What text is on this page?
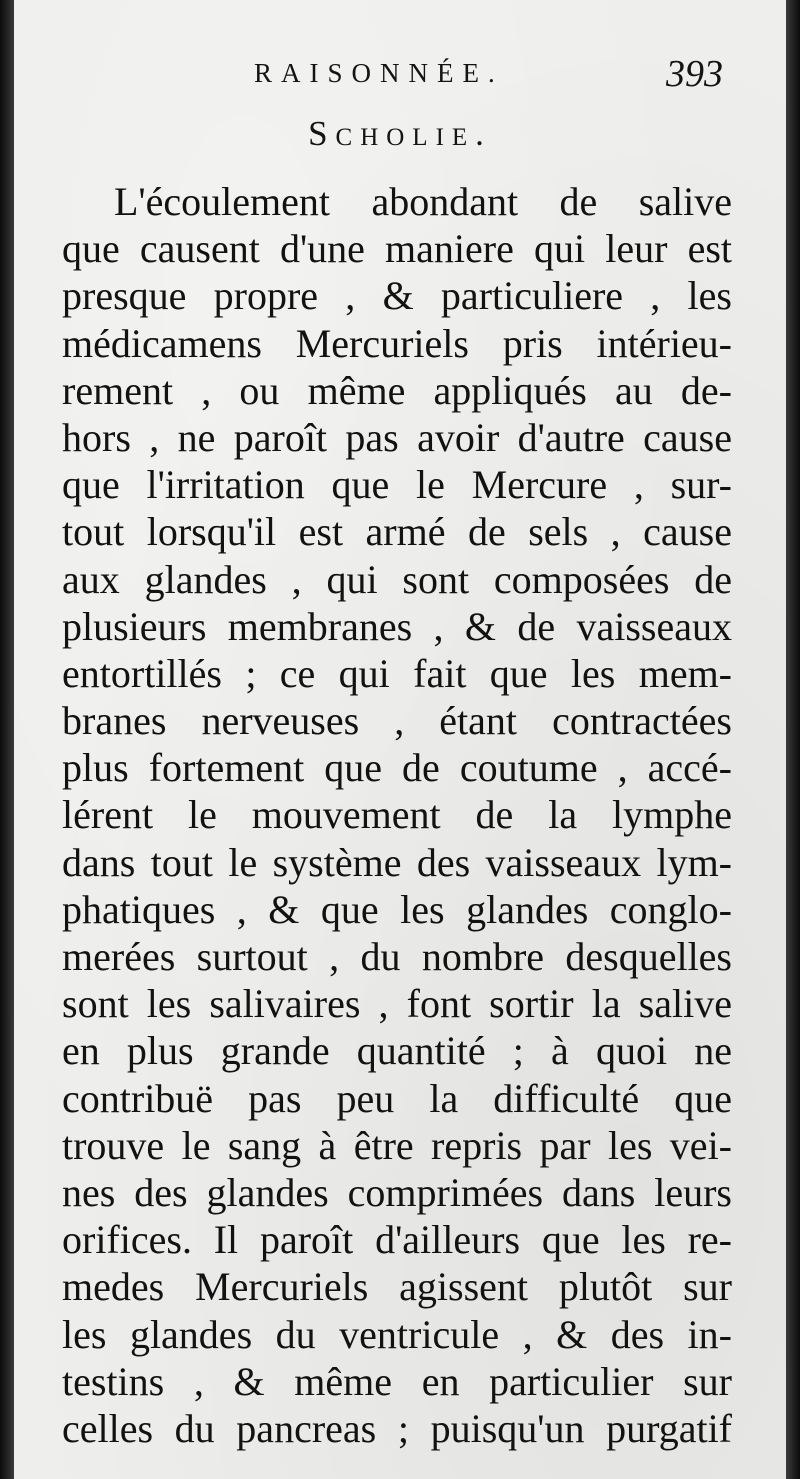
RAISONNÉE.	393
Scholie.
L'écoulement abondant de salive
que causent d'une maniere qui leur est
presque propre , & particuliere , les
médicamens Mercuriels pris intérieu-
rement , ou même appliqués au de-
hors , ne paroît pas avoir d'autre cause
que l'irritation que le Mercure , sur-
tout lorsqu'il est armé de sels , cause
aux glandes , qui sont composées de
plusieurs membranes , & de vaisseaux
entortillés ; ce qui fait que les mem-
branes nerveuses , étant contractées
plus fortement que de coutume , accé-
lérent le mouvement de la lymphe
dans tout le système des vaisseaux lym-
phatiques , & que les glandes conglo-
merées surtout , du nombre desquelles
sont les salivaires , font sortir la salive
en plus grande quantité ; à quoi ne
contribuë pas peu la difficulté que
trouve le sang à être repris par les vei-
nes des glandes comprimées dans leurs
orifices. Il paroît d'ailleurs que les re-
medes Mercuriels agissent plutôt sur
les glandes du ventricule , & des in-
testins , & même en particulier sur
celles du pancreas ; puisqu'un purgatif
